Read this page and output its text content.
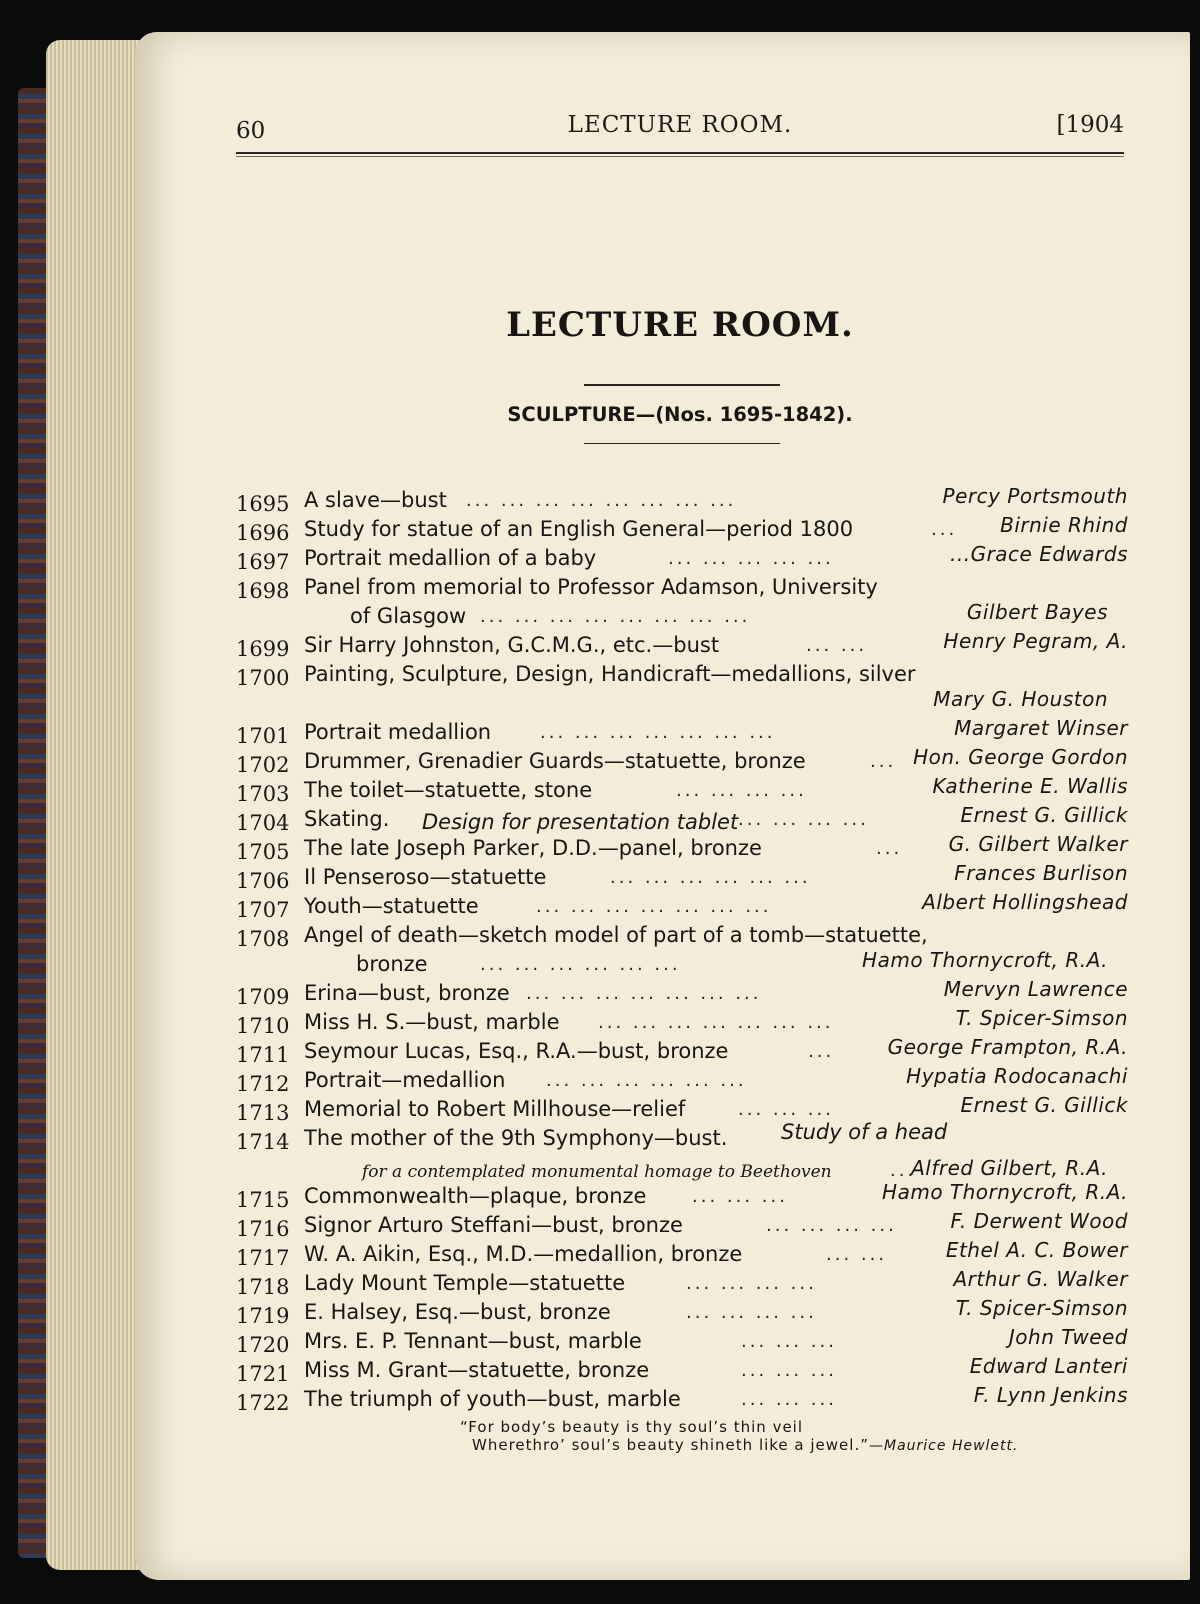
60	LECTURE ROOM.	[1904
LECTURE ROOM.
SCULPTURE—(Nos. 1695-1842).
1695 A slave—bust ... ... ... ... ... ... ... ...	Percy Portsmouth
1696 Study for statue of an English General—period 1800	... Birnie Rhind
1697 Portrait medallion of a baby	... ... ... ... ...	...Grace Edwards
1698 Panel from memorial to Professor Adamson, University
of Glasgow ... ... ... ... ... ... ... ...	Gilbert Bayes
1699 Sir Harry Johnston, G.C.M.G., etc.—bust	... ...	Henry Pegram, A.
1700 Painting, Sculpture, Design, Handicraft—medallions, silver
Mary G. Houston
1701 Portrait medallion	... ... ... ... ... ... ...	Margaret Winser
1702 Drummer, Grenadier Guards—statuette, bronze	... Hon. George Gordon
1703 The toilet—statuette, stone	... ... ... ...	Katherine E. Wallis
1704 Skating. Design for presentation tablet ... ... ... ...	Ernest G. Gillick
1705 The late Joseph Parker, D.D.—panel, bronze	... G. Gilbert Walker
1706 Il Penseroso—statuette	... ... ... ... ... ...	Frances Burlison
1707 Youth—statuette	... ... ... ... ... ... ...	Albert Hollingshead
1708 Angel of death—sketch model of part of a tomb—statuette,
bronze	... ... ... ... ... ...	Hamo Thornycroft, R.A.
1709 Erina—bust, bronze ... ... ... ... ... ... ...	Mervyn Lawrence
1710 Miss H. S.—bust, marble ... ... ... ... ... ... ...	T. Spicer-Simson
1711 Seymour Lucas, Esq., R.A.—bust, bronze	...	George Frampton, R.A.
1712 Portrait—medallion ... ... ... ... ... ...	Hypatia Rodocanachi
1713 Memorial to Robert Millhouse—relief	... ... ...	Ernest G. Gillick
1714 The mother of the 9th Symphony—bust.	Study of a head
for a contemplated monumental homage to Beethoven	...
Alfred Gilbert, R.A.
1715 Commonwealth—plaque, bronze	... ... ...	Hamo Thornycroft, R.A.
1716 Signor Arturo Steffani—bust, bronze	... ... ... ...	F. Derwent Wood
1717 W. A. Aikin, Esq., M.D.—medallion, bronze	... ...	Ethel A. C. Bower
1718 Lady Mount Temple—statuette	... ... ... ...	Arthur G. Walker
1719 E. Halsey, Esq.—bust, bronze	... ... ... ...	T. Spicer-Simson
1720 Mrs. E. P. Tennant—bust, marble	... ... ...	John Tweed
1721 Miss M. Grant—statuette, bronze	... ... ...	Edward Lanteri
1722 The triumph of youth—bust, marble	... ... ...	F. Lynn Jenkins
“For body’s beauty is thy soul’s thin veil
Wherethro’ soul’s beauty shineth like a jewel.”—Maurice Hewlett.
